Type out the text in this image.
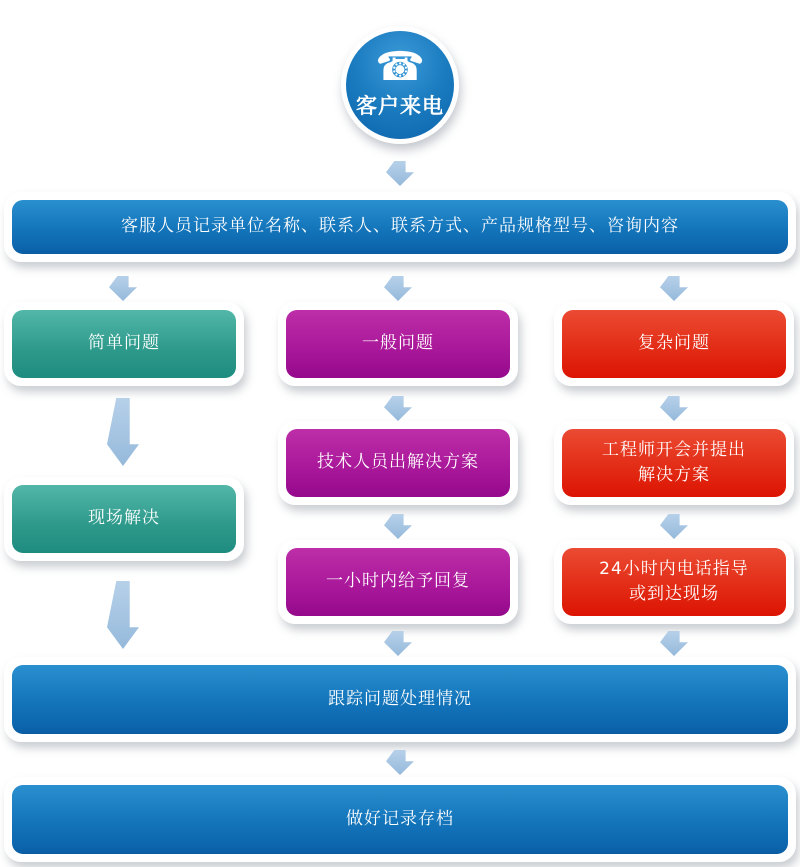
☎
客户来电
客服人员记录单位名称、联系人、联系方式、产品规格型号、咨询内容
简单问题	一般问题	复杂问题
技术人员出解决方案
工程师开会并提出
解决方案
现场解决
一小时内给予回复
24小时内电话指导
或到达现场
跟踪问题处理情况
做好记录存档
